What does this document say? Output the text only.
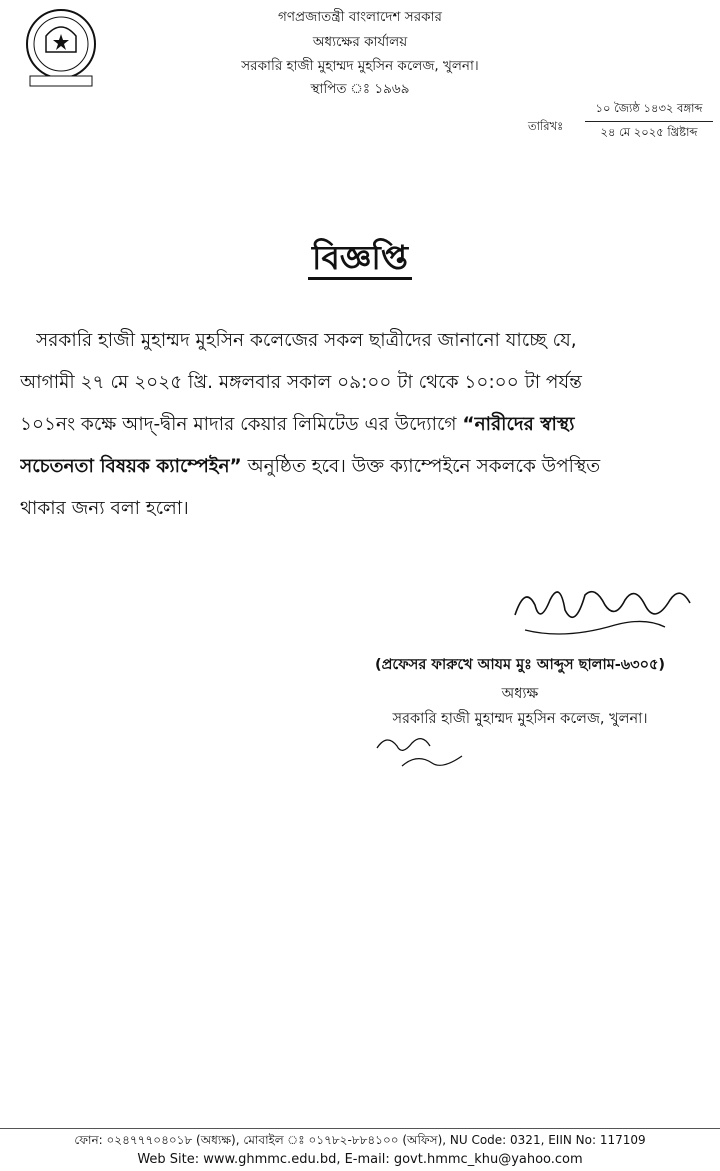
গণপ্রজাতন্ত্রী বাংলাদেশ সরকার
অধ্যক্ষের কার্যালয়
সরকারি হাজী মুহাম্মদ মুহসিন কলেজ, খুলনা।
স্থাপিত ঃ ১৯৬৯
তারিখঃ
১০ জ্যৈষ্ঠ ১৪৩২ বঙ্গাব্দ
২৪ মে ২০২৫ খ্রিষ্টাব্দ
বিজ্ঞপ্তি
সরকারি হাজী মুহাম্মদ মুহসিন কলেজের সকল ছাত্রীদের জানানো যাচ্ছে যে,
আগামী ২৭ মে ২০২৫ খ্রি. মঙ্গলবার সকাল ০৯:০০ টা থেকে ১০:০০ টা পর্যন্ত
১০১নং কক্ষে আদ্-দ্বীন মাদার কেয়ার লিমিটেড এর উদ্যোগে “নারীদের স্বাস্থ্য
সচেতনতা বিষয়ক ক্যাম্পেইন” অনুষ্ঠিত হবে। উক্ত ক্যাম্পেইনে সকলকে উপস্থিত
থাকার জন্য বলা হলো।
(প্রফেসর ফারুখে আযম মুঃ আব্দুস ছালাম-৬৩০৫)
অধ্যক্ষ
সরকারি হাজী মুহাম্মদ মুহসিন কলেজ, খুলনা।
ফোন: ০২৪৭৭৭০৪০১৮ (অধ্যক্ষ), মোবাইল ঃ ০১৭৮২-৮৮৪১০০ (অফিস), NU Code: 0321, EIIN No: 117109
Web Site: www.ghmmc.edu.bd, E-mail: govt.hmmc_khu@yahoo.com
